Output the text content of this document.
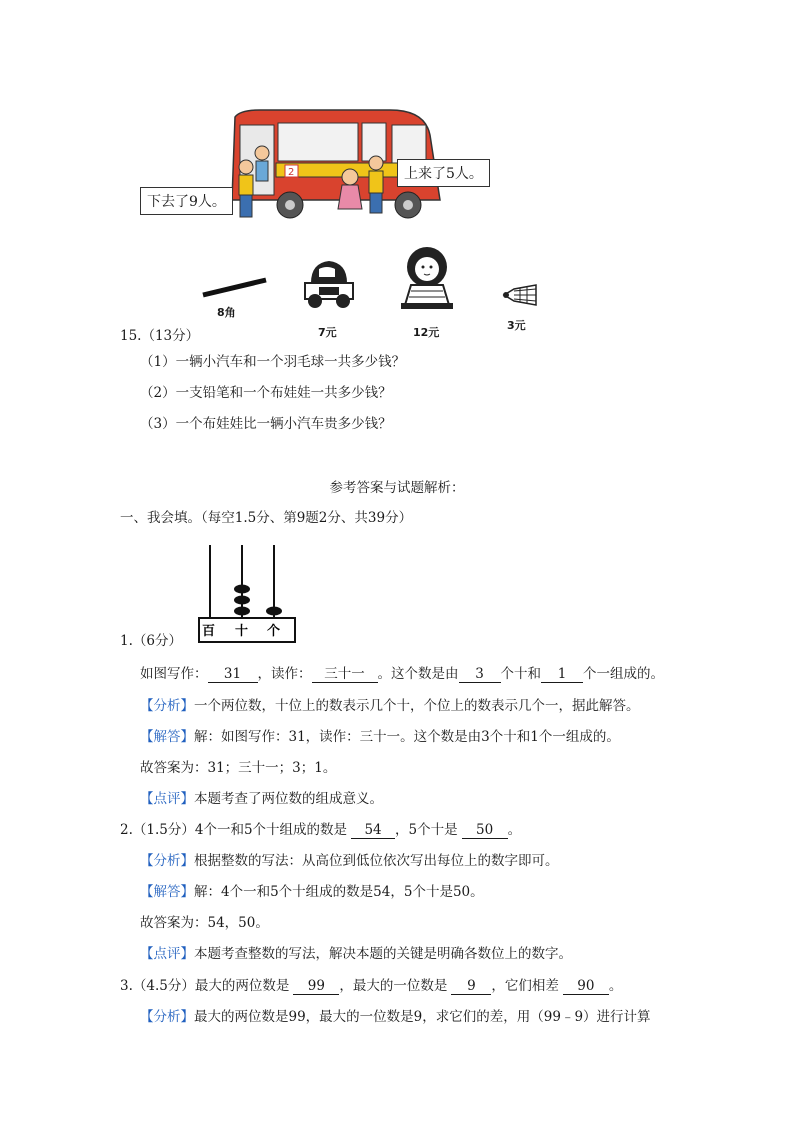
2
下去了9人。
上来了5人。
8角
7元	12元
3元
15.（13分）
（1）一辆小汽车和一个羽毛球一共多少钱？
（2）一支铅笔和一个布娃娃一共多少钱？
（3）一个布娃娃比一辆小汽车贵多少钱？
参考答案与试题解析：
一、我会填。（每空1.5分、第9题2分、共39分）
百 十 个
1.（6分）
如图写作： 31 ，读作： 三十一 。这个数是由 3 个十和 1 个一组成的。
【分析】一个两位数，十位上的数表示几个十，个位上的数表示几个一，据此解答。
【解答】解：如图写作：31，读作：三十一。这个数是由3个十和1个一组成的。
故答案为：31；三十一；3；1。
【点评】本题考查了两位数的组成意义。
2.（1.5分）4个一和5个十组成的数是 54 ，5个十是 50 。
【分析】根据整数的写法：从高位到低位依次写出每位上的数字即可。
【解答】解：4个一和5个十组成的数是54，5个十是50。
故答案为：54，50。
【点评】本题考查整数的写法，解决本题的关键是明确各数位上的数字。
3.（4.5分）最大的两位数是 99 ，最大的一位数是 9 ，它们相差 90 。
【分析】最大的两位数是99，最大的一位数是9，求它们的差，用（99﹣9）进行计算
